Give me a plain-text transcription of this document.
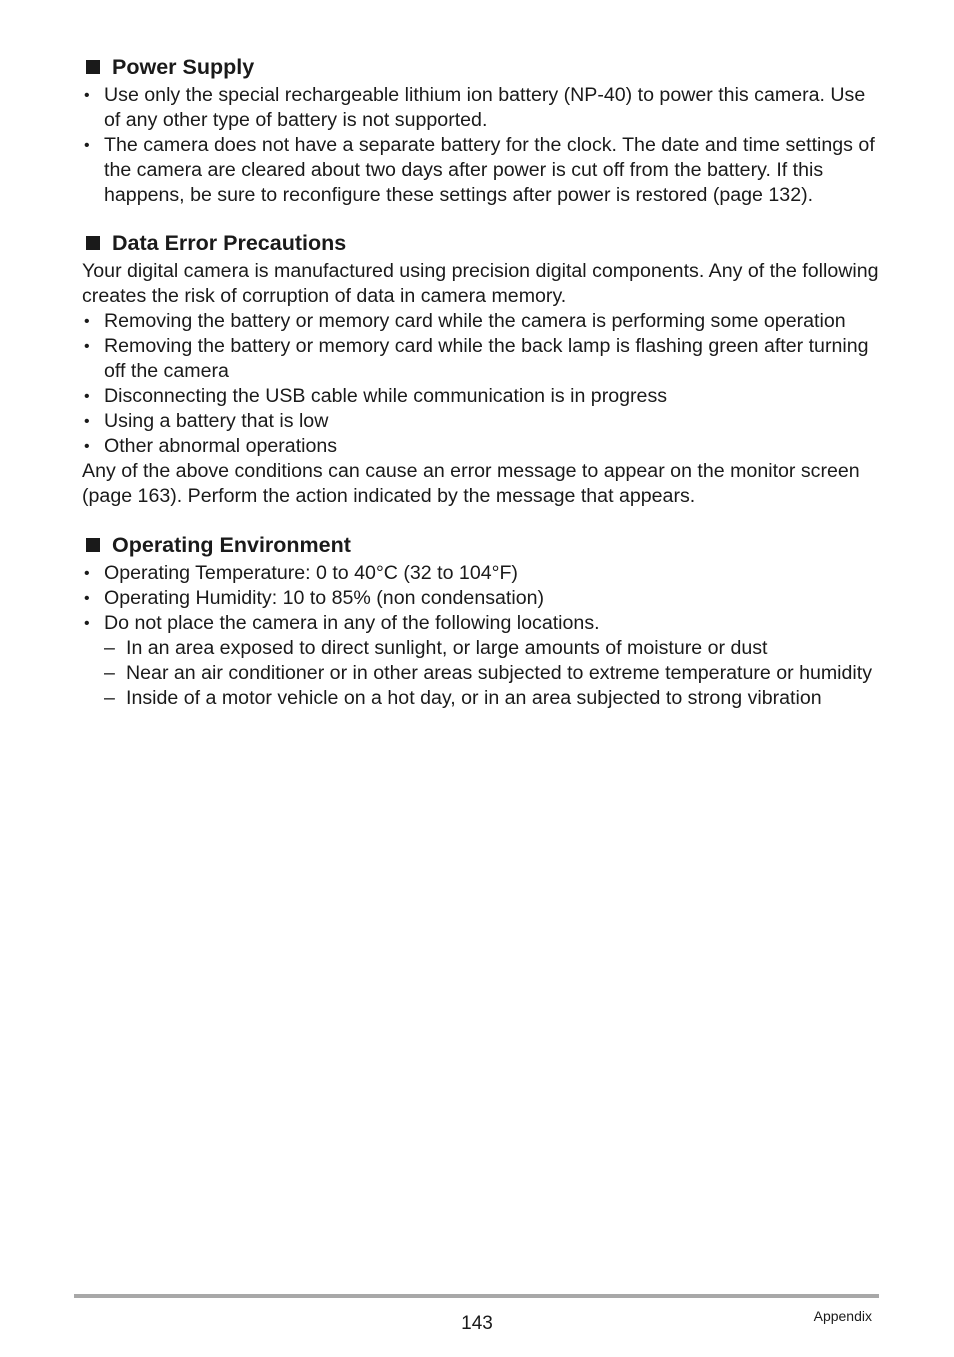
Power Supply
• Use only the special rechargeable lithium ion battery (NP-40) to power this camera. Use of any other type of battery is not supported.
• The camera does not have a separate battery for the clock. The date and time settings of the camera are cleared about two days after power is cut off from the battery. If this happens, be sure to reconfigure these settings after power is restored (page 132).
Data Error Precautions

Your digital camera is manufactured using precision digital components. Any of the following creates the risk of corruption of data in camera memory.

• Removing the battery or memory card while the camera is performing some operation
• Removing the battery or memory card while the back lamp is flashing green after turning off the camera
• Disconnecting the USB cable while communication is in progress
• Using a battery that is low
• Other abnormal operations

Any of the above conditions can cause an error message to appear on the monitor screen (page 163). Perform the action indicated by the message that appears.

Operating Environment
• Operating Temperature: 0 to 40°C (32 to 104°F)
• Operating Humidity: 10 to 85% (non condensation)
• Do not place the camera in any of the following locations.
– In an area exposed to direct sunlight, or large amounts of moisture or dust
– Near an air conditioner or in other areas subjected to extreme temperature or humidity
– Inside of a motor vehicle on a hot day, or in an area subjected to strong vibration
143	Appendix
